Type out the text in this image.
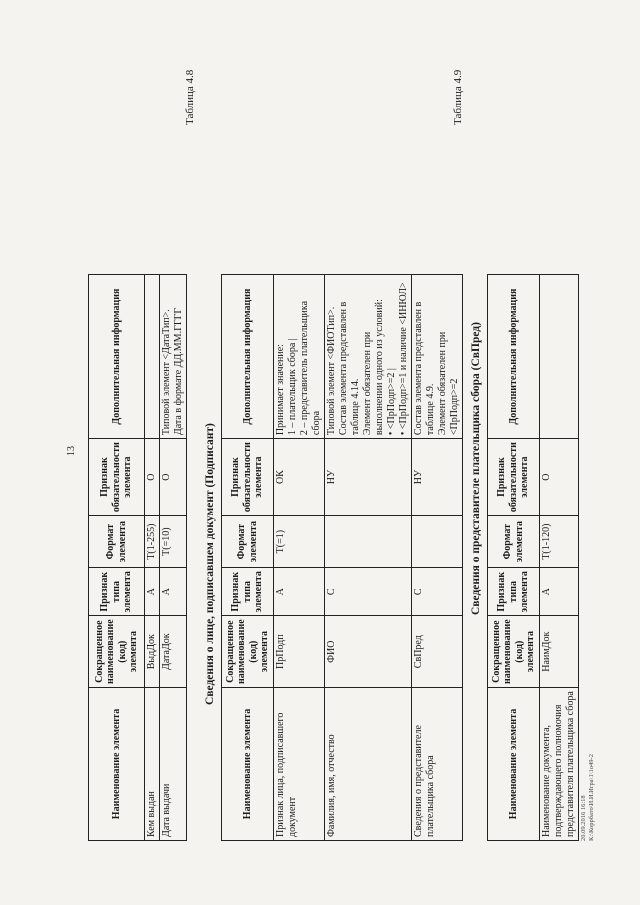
13
Наименование элемента	Сокращенное наименование (код) элемента	Признак типа элемента	Формат элемента	Признак обязательности элемента	Дополнительная информация
Кем выдан	ВыдДок	А	T(1-255)	О	
Дата выдачи	ДатаДок	А	T(=10)	О	Типовой элемент <ДатаТип>. Дата в формате ДД.ММ.ГГГГ
Таблица 4.8
Сведения о лице, подписавшем документ (Подписант)
Наименование элемента	Сокращенное наименование (код) элемента	Признак типа элемента	Формат элемента	Признак обязательности элемента	Дополнительная информация
Признак лица, подписавшего документ	ПрПодп	А	T(=1)	ОК	Принимает значение: 1 – плательщик сбора | 2 – представитель плательщика сбора

Фамилия, имя, отчество	ФИО	С		НУ	Типовой элемент <ФИОТип>. Состав элемента представлен в таблице 4.14. Элемент обязателен при выполнении одного из условий: • <ПрПодп>=2 | • <ПрПодп>=1 и наличие <ИНЮЛ>

Сведения о представителе плательщика сбора	СвПред	С		НУ	Состав элемента представлен в таблице 4.9. Элемент обязателен при <ПрПодп>=2
Таблица 4.9
Сведения о представителе плательщика сбора (СвПред)
Наименование элемента	Сокращенное наименование (код) элемента	Признак типа элемента	Формат элемента	Признак обязательности элемента	Дополнительная информация
Наименование документа, подтверждающего полномочия представителя плательщика сбора	НаимДок	А	T(1-120)	О	
20.09.2016 16:18 К:\Коррбато\И.И.Игра\1\1о49-2
